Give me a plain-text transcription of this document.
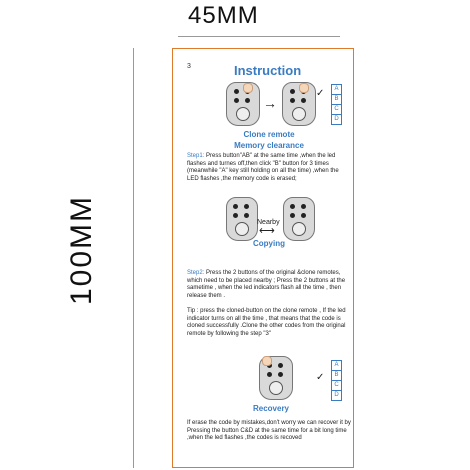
45MM
100MM
3	Instruction
→
A
B
C
D
✓
Clone remote
Memory clearance
Step1: Press button"AB" at the same time ,when the led flashes and turnes off,then click "B" button for 3 times (meanwhile "A" key still holding on all the time) ,when the LED flashes ,the memory code is erased;
Nearby
⟷
Copying
Step2: Press the 2 buttons of the original &clone remotes, which need to be placed nearby ; Press the 2 buttons at the sametime , when the led indicators flash all the time , then release them .
Tip : press the cloned-button on the clone remote , If the led indicator turns on all the time , that means that the code is cloned successfully .Clone the other codes from the original remote by following the step "3"
A
B
C
D
✓
Recovery
If erase the code by mistakes,don't worry we can recover it by Pressing the button C&D at the same time for a bit long time ,when the led flashes ,the codes is recoved
